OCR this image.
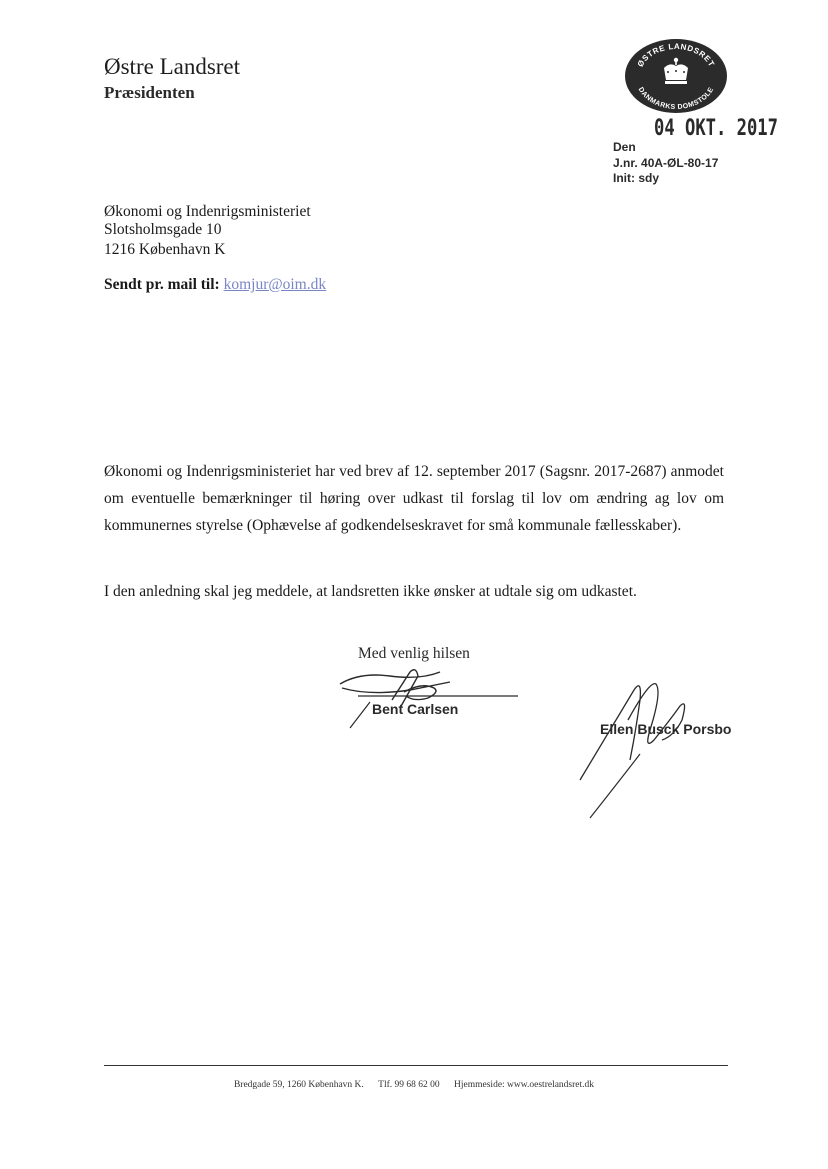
Østre Landsret
Præsidenten
ØSTRE LANDSRET
DANMARKS DOMSTOLE
04 OKT. 2017
Den
J.nr. 40A-ØL-80-17
Init: sdy
Økonomi og Indenrigsministeriet
Slotsholmsgade 10
1216 København K
Sendt pr. mail til: komjur@oim.dk
Økonomi og Indenrigsministeriet har ved brev af 12. september 2017 (Sagsnr. 2017-2687) anmodet om eventuelle bemærkninger til høring over udkast til forslag til lov om ændring ag lov om kommunernes styrelse (Ophævelse af godkendelseskravet for små kommunale fællesskaber).
I den anledning skal jeg meddele, at landsretten ikke ønsker at udtale sig om udkastet.
Med venlig hilsen
Bent Carlsen
Ellen Busck Porsbo
Bredgade 59, 1260 København K. Tlf. 99 68 62 00 Hjemmeside: www.oestrelandsret.dk
